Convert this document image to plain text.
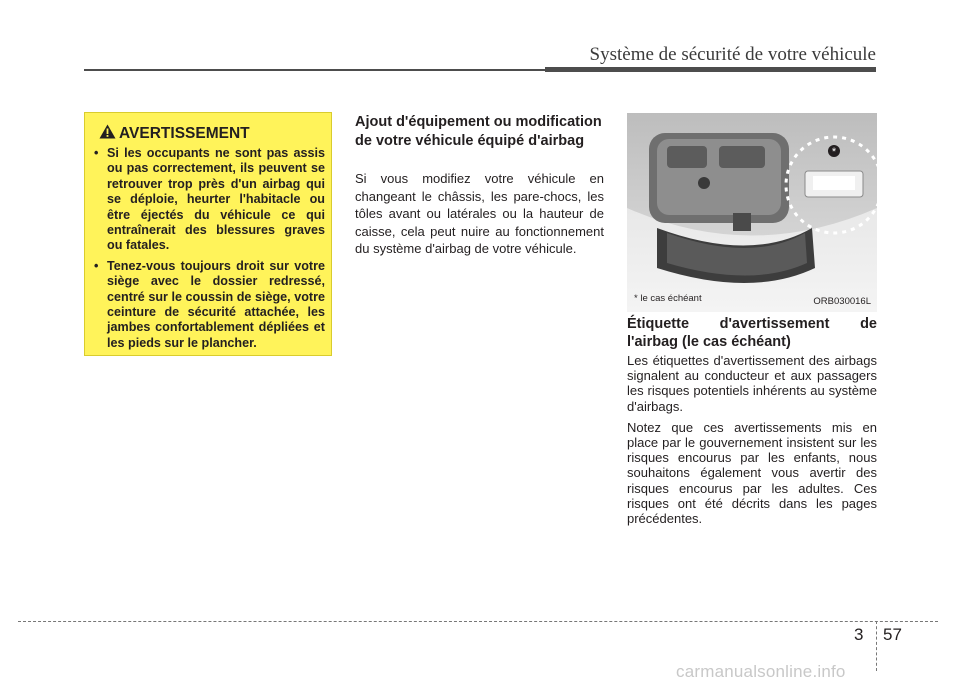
Système de sécurité de votre véhicule
AVERTISSEMENT
• Si les occupants ne sont pas assis ou pas correctement, ils peuvent se retrouver trop près d'un airbag qui se déploie, heurter l'habitacle ou être éjectés du véhicule ce qui entraînerait des blessures graves ou fatales.
• Tenez-vous toujours droit sur votre siège avec le dossier redressé, centré sur le coussin de siège, votre ceinture de sécurité attachée, les jambes confortablement dépliées et les pieds sur le plancher.
Ajout d'équipement ou modification de votre véhicule équipé d'airbag
Si vous modifiez votre véhicule en changeant le châssis, les pare-chocs, les tôles avant ou latérales ou la hauteur de caisse, cela peut nuire au fonctionnement du système d'airbag de votre véhicule.
*
* le cas échéant	ORB030016L
Étiquette d'avertissement de
l'airbag (le cas échéant)

Les étiquettes d'avertissement des airbags signalent au conducteur et aux passagers les risques potentiels inhérents au système d'airbags.

Notez que ces avertissements mis en place par le gouvernement insistent sur les risques encourus par les enfants, nous souhaitons également vous avertir des risques encourus par les adultes. Ces risques ont été décrits dans les pages précédentes.

3 57
carmanualsonline.info
